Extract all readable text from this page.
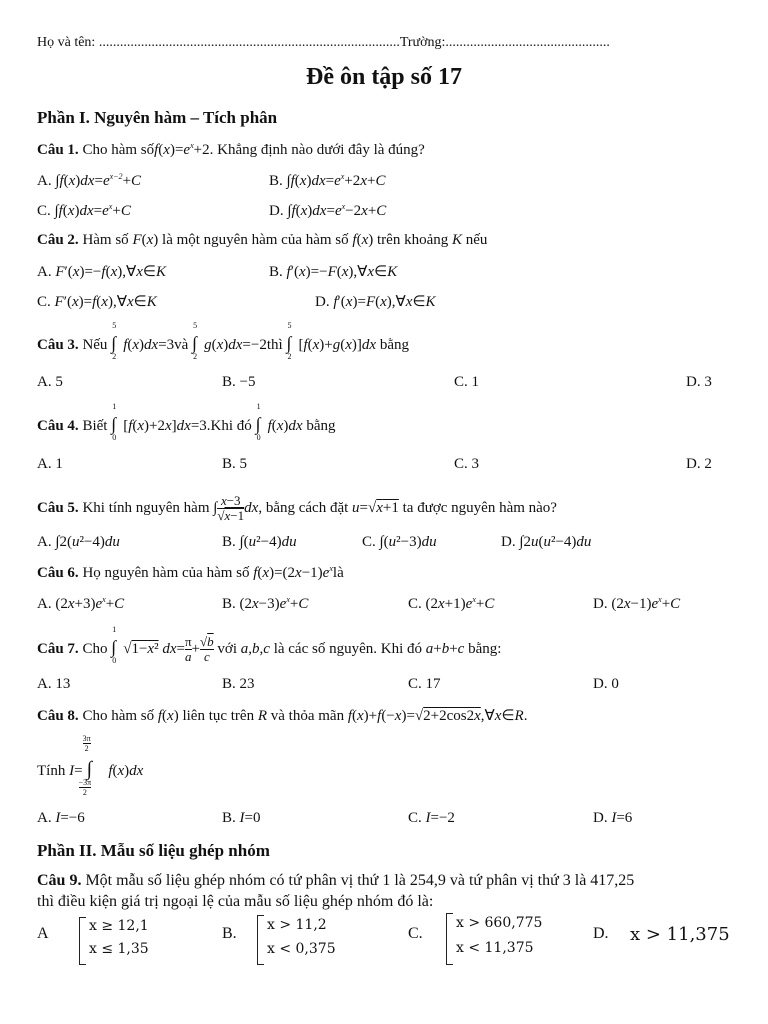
Họ và tên: ......................................................................................Trường:...............................................
Đề ôn tập số 17
Phần I. Nguyên hàm – Tích phân
Câu 1. Cho hàm $sốf(x)=e^x+2$. Khẳng định nào dưới đây là đúng?
A. $\int f(x)dx=e^{x-2}+C$	B. $\int f(x)dx=e^x+2x+C$
C. $\int f(x)dx=e^x+C$	D. $\int f(x)dx=e^x-2x+C$
Câu 2. Hàm số F(x) là một nguyên hàm của hàm số f(x) trên khoảng K nếu
A. F′(x)=−f(x),∀x∈K	B. f′(x)=−F(x),∀x∈K
C. F′(x)=f(x),∀x∈K	D. f′(x)=F(x),∀x∈K
Câu 3. Nếu
5
∫
2
f(x)dx=3và
5
∫
2
g(x)dx=−2thì
5
∫
2
[f(x)+g(x)]dx bằng
A. 5	B. −5	C. 1	D. 3
Câu 4. Biết
1
∫
0
[f(x)+2x]dx=3.Khi đó
1
∫
0
f(x)dx bằng
A. 1	B. 5	C. 3	D. 2
Câu 5. Khi tính nguyên hàm ∫ $\frac{x-3}{√x-1}$ dx, bằng cách đặt u=√x+1 ta được nguyên hàm nào?
A. ∫2(u²−4)du	B. ∫(u²−4)du	C. ∫(u²−3)du	D. ∫2u(u²−4)du
Câu 6. Họ nguyên hàm của hàm số $f(x)=(2x-1)e^xlà$
A. $(2x+3)e^x+C$	B. $(2x-3)e^x+C$	C. $(2x+1)e^x+C$	D. $(2x-1)e^x+C$
Câu 7. Cho
1
∫
0
√1−x² $dx= \frac{\pi}{a} + \frac{√b}{c}$ với a,b,c là các số nguyên. Khi đó a+b+c bằng:
A. 13	B. 23	C. 17	D. 0
Câu 8. Cho hàm số f(x) liên tục trên R và thỏa mãn f(x)+f(−x)=√2+2cos2x,∀x∈R.
Tính I=
3π
2
∫
−3π
2
f(x)dx
A. I=−6	B. I=0	C. I=−2	D. I=6
Phần II. Mẫu số liệu ghép nhóm
Câu 9. Một mẫu số liệu ghép nhóm có tứ phân vị thứ 1 là 254,9 và tứ phân vị thứ 3 là 417,25
thì điều kiện giá trị ngoại lệ của mẫu số liệu ghép nhóm đó là:
A	x ≥ 12,1
x ≤ 1,35
B. x > 11,2
x < 0,375
C.
x > 660,775
x < 11,375
D. x > 11,375
